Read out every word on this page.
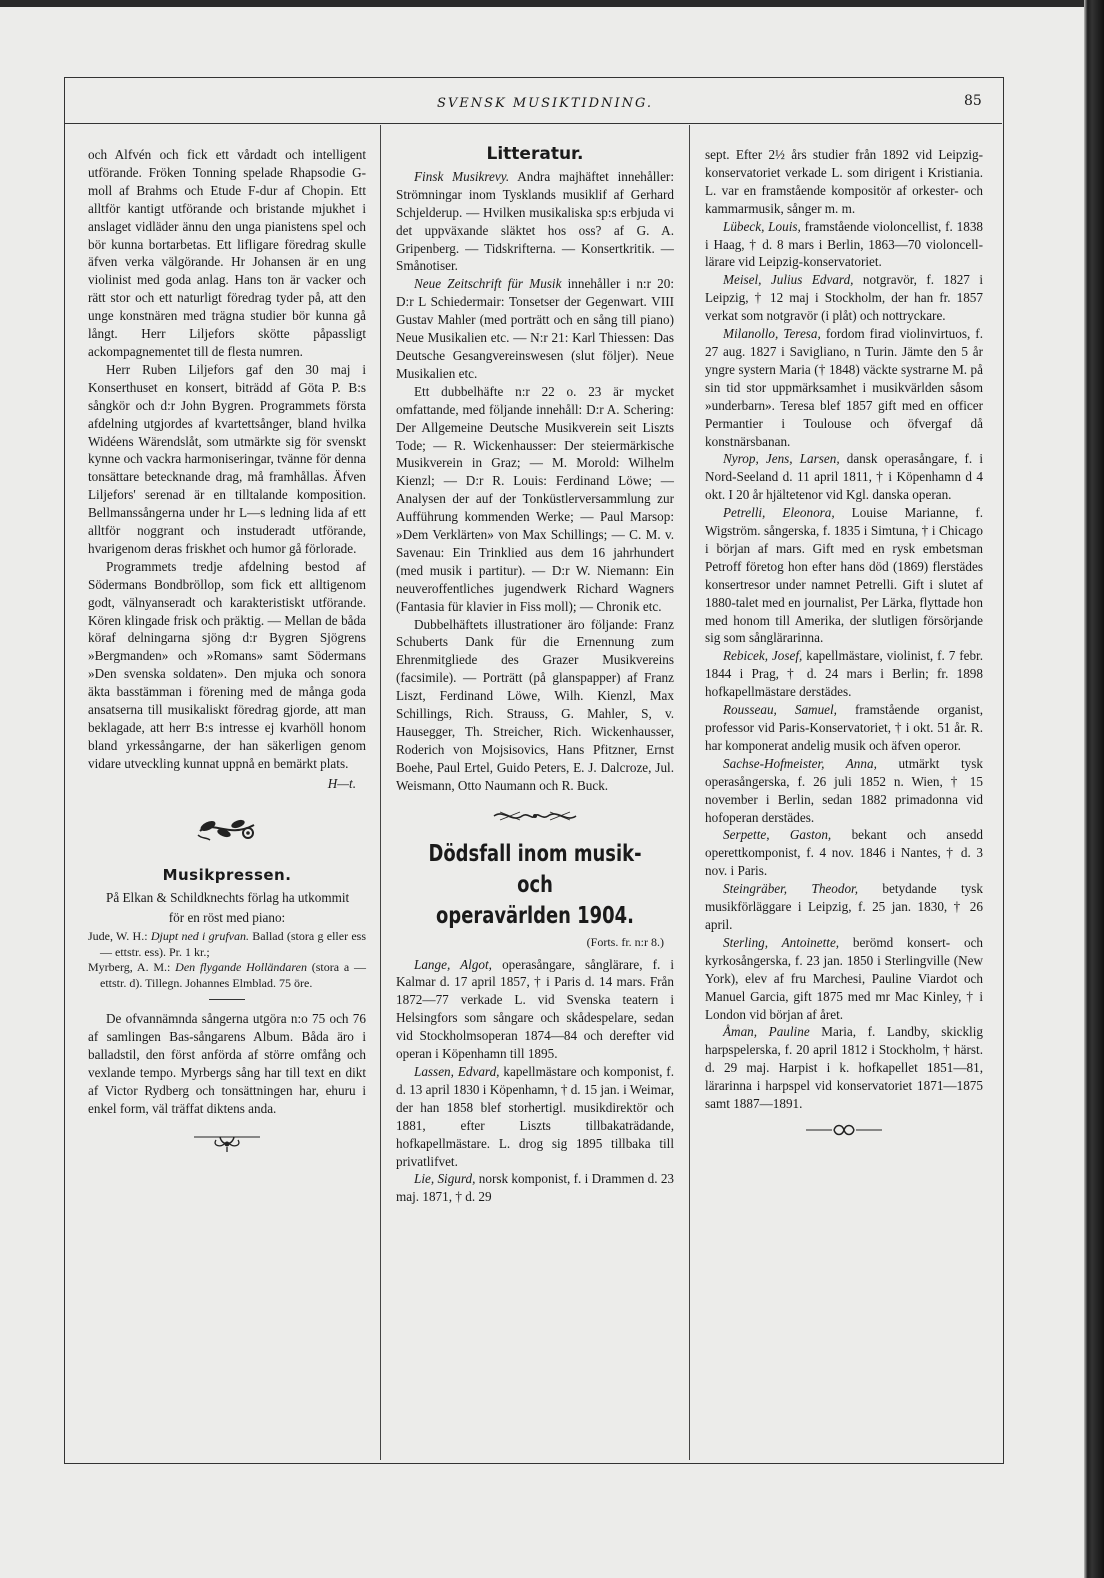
SVENSK MUSIKTIDNING.	85

och Alfvén och fick ett vårdadt och intelligent utförande. Fröken Tonning spelade Rhapsodie G-moll af Brahms och Etude F-dur af Chopin. Ett alltför kantigt utförande och bristande mjukhet i anslaget vidläder ännu den unga pianistens spel och bör kunna bortarbetas. Ett lifligare föredrag skulle äfven verka välgörande. Hr Johansen är en ung violinist med goda anlag. Hans ton är vacker och rätt stor och ett naturligt föredrag tyder på, att den unge konstnären med trägna studier bör kunna gå långt. Herr Liljefors skötte påpassligt ackompagnementet till de flesta numren.

Herr Ruben Liljefors gaf den 30 maj i Konserthuset en konsert, biträdd af Göta P. B:s sångkör och d:r John Bygren. Programmets första afdelning utgjordes af kvartettsånger, bland hvilka Widéens Wärendslåt, som utmärkte sig för svenskt kynne och vackra harmoniseringar, tvänne för denna tonsättare betecknande drag, må framhållas. Äfven Liljefors' serenad är en tilltalande komposition. Bellmanssångerna under hr L—s ledning lida af ett alltför noggrant och instuderadt utförande, hvarigenom deras friskhet och humor gå förlorade.

Programmets tredje afdelning bestod af Södermans Bondbröllop, som fick ett alltigenom godt, välnyanseradt och karakteristiskt utförande. Kören klingade frisk och präktig. — Mellan de båda köraf delningarna sjöng d:r Bygren Sjögrens »Bergmanden» och »Romans» samt Södermans »Den svenska soldaten». Den mjuka och sonora äkta basstämman i förening med de många goda ansatserna till musikaliskt föredrag gjorde, att man beklagade, att herr B:s intresse ej kvarhöll honom bland yrkessångarne, der han säkerligen genom vidare utveckling kunnat uppnå en bemärkt plats.

H—t.
Musikpressen.

På Elkan & Schildknechts förlag ha utkommit

för en röst med piano:

Jude, W. H.: Djupt ned i grufvan. Ballad (stora g eller ess — ettstr. ess). Pr. 1 kr.;

Myrberg, A. M.: Den flygande Holländaren (stora a — ettstr. d). Tillegn. Johannes Elmblad. 75 öre.

De ofvannämnda sångerna utgöra n:o 75 och 76 af samlingen Bas-sångarens Album. Båda äro i balladstil, den först anförda af större omfång och vexlande tempo. Myrbergs sång har till text en dikt af Victor Rydberg och tonsättningen har, ehuru i enkel form, väl träffat diktens anda.

Litteratur.

Finsk Musikrevy. Andra majhäftet innehåller: Strömningar inom Tysklands musiklif af Gerhard Schjelderup. — Hvilken musikaliska sp:s erbjuda vi det uppväxande släktet hos oss? af G. A. Gripenberg. — Tidskrifterna. — Konsertkritik. — Smånotiser.

Neue Zeitschrift für Musik innehåller i n:r 20: D:r L Schiedermair: Tonsetser der Gegenwart. VIII Gustav Mahler (med porträtt och en sång till piano) Neue Musikalien etc. — N:r 21: Karl Thiessen: Das Deutsche Gesangvereinswesen (slut följer). Neue Musikalien etc.

Ett dubbelhäfte n:r 22 o. 23 är mycket omfattande, med följande innehåll: D:r A. Schering: Der Allgemeine Deutsche Musikverein seit Liszts Tode; — R. Wickenhausser: Der steiermärkische Musikverein in Graz; — M. Morold: Wilhelm Kienzl; — D:r R. Louis: Ferdinand Löwe; — Analysen der auf der Tonküstlerversammlung zur Aufführung kommenden Werke; — Paul Marsop: »Dem Verklärten» von Max Schillings; — C. M. v. Savenau: Ein Trinklied aus dem 16 jahrhundert (med musik i partitur). — D:r W. Niemann: Ein neuveroffentliches jugendwerk Richard Wagners (Fantasia für klavier in Fiss moll); — Chronik etc.

Dubbelhäftets illustrationer äro följande: Franz Schuberts Dank für die Ernennung zum Ehrenmitgliede des Grazer Musikvereins (facsimile). — Porträtt (på glanspapper) af Franz Liszt, Ferdinand Löwe, Wilh. Kienzl, Max Schillings, Rich. Strauss, G. Mahler, S, v. Hausegger, Th. Streicher, Rich. Wickenhausser, Roderich von Mojsisovics, Hans Pfitzner, Ernst Boehe, Paul Ertel, Guido Peters, E. J. Dalcroze, Jul. Weismann, Otto Naumann och R. Buck.

Dödsfall inom musik- och
operavärlden 1904.
(Forts. fr. n:r 8.)

Lange, Algot, operasångare, sånglärare, f. i Kalmar d. 17 april 1857, † i Paris d. 14 mars. Från 1872—77 verkade L. vid Svenska teatern i Helsingfors som sångare och skådespelare, sedan vid Stockholmsoperan 1874—84 och derefter vid operan i Köpenhamn till 1895.

Lassen, Edvard, kapellmästare och komponist, f. d. 13 april 1830 i Köpenhamn, † d. 15 jan. i Weimar, der han 1858 blef storhertigl. musikdirektör och 1881, efter Liszts tillbakaträdande, hofkapellmästare. L. drog sig 1895 tillbaka till privatlifvet.

Lie, Sigurd, norsk komponist, f. i Drammen d. 23 maj. 1871, † d. 29

sept. Efter 2½ års studier från 1892 vid Leipzig-konservatoriet verkade L. som dirigent i Kristiania. L. var en framstående kompositör af orkester- och kammarmusik, sånger m. m.

Lübeck, Louis, framstående violoncellist, f. 1838 i Haag, † d. 8 mars i Berlin, 1863—70 violoncell-lärare vid Leipzig-konservatoriet.

Meisel, Julius Edvard, notgravör, f. 1827 i Leipzig, † 12 maj i Stockholm, der han fr. 1857 verkat som notgravör (i plåt) och nottryckare.

Milanollo, Teresa, fordom firad violinvirtuos, f. 27 aug. 1827 i Savigliano, n Turin. Jämte den 5 år yngre systern Maria († 1848) väckte systrarne M. på sin tid stor uppmärksamhet i musikvärlden såsom »underbarn». Teresa blef 1857 gift med en officer Permantier i Toulouse och öfvergaf då konstnärsbanan.

Nyrop, Jens, Larsen, dansk operasångare, f. i Nord-Seeland d. 11 april 1811, † i Köpenhamn d 4 okt. I 20 år hjältetenor vid Kgl. danska operan.

Petrelli, Eleonora, Louise Marianne, f. Wigström. sångerska, f. 1835 i Simtuna, † i Chicago i början af mars. Gift med en rysk embetsman Petroff företog hon efter hans död (1869) flerstädes konsertresor under namnet Petrelli. Gift i slutet af 1880-talet med en journalist, Per Lärka, flyttade hon med honom till Amerika, der slutligen försörjande sig som sånglärarinna.

Rebicek, Josef, kapellmästare, violinist, f. 7 febr. 1844 i Prag, † d. 24 mars i Berlin; fr. 1898 hofkapellmästare derstädes.

Rousseau, Samuel, framstående organist, professor vid Paris-Konservatoriet, † i okt. 51 år. R. har komponerat andelig musik och äfven operor.

Sachse-Hofmeister, Anna, utmärkt tysk operasångerska, f. 26 juli 1852 n. Wien, † 15 november i Berlin, sedan 1882 primadonna vid hofoperan derstädes.

Serpette, Gaston, bekant och ansedd operettkomponist, f. 4 nov. 1846 i Nantes, † d. 3 nov. i Paris.

Steingräber, Theodor, betydande tysk musikförläggare i Leipzig, f. 25 jan. 1830, † 26 april.

Sterling, Antoinette, berömd konsert- och kyrkosångerska, f. 23 jan. 1850 i Sterlingville (New York), elev af fru Marchesi, Pauline Viardot och Manuel Garcia, gift 1875 med mr Mac Kinley, † i London vid början af året.

Åman, Pauline Maria, f. Landby, skicklig harpspelerska, f. 20 april 1812 i Stockholm, † härst. d. 29 maj. Harpist i k. hofkapellet 1851—81, lärarinna i harpspel vid konservatoriet 1871—1875 samt 1887—1891.
